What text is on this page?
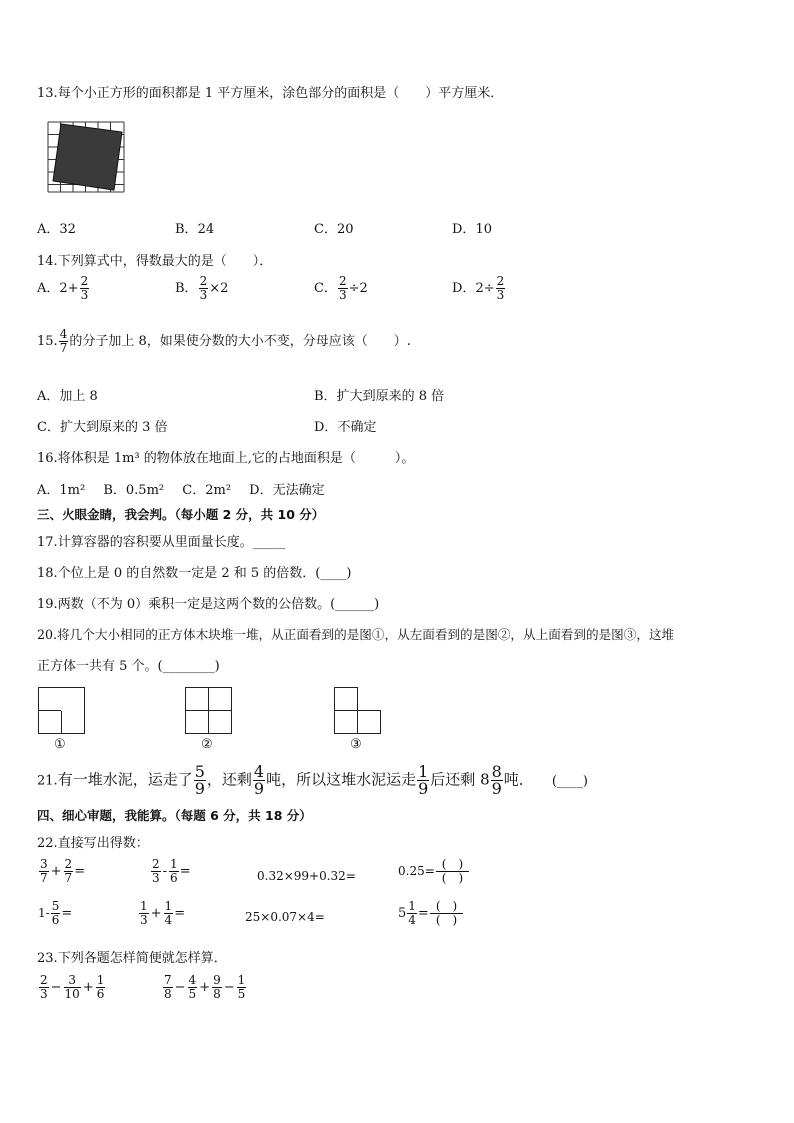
13.每个小正方形的面积都是 1 平方厘米，涂色部分的面积是（　　）平方厘米．
A．32	B．24	C．20	D．10
14.下列算式中，得数最大的是（　　）．
A．$2+ \frac{2}{3}$	B． $\frac{2}{3} \times 2$	C． $\frac{2}{3} \div 2$	D．$2\div \frac{2}{3}$
15. $\frac{4}{7}$ 的分子加上 8，如果使分数的大小不变，分母应该（　　）.
A．加上 8	B．扩大到原来的 8 倍
C．扩大到原来的 3 倍	D．不确定
16.将体积是 1m³ 的物体放在地面上,它的占地面积是（　　　）。
A．1m² B．0.5m² C．2m² D．无法确定
三、火眼金睛，我会判。（每小题 2 分，共 10 分）
17.计算容器的容积要从里面量长度。_____
18.个位上是 0 的自然数一定是 2 和 5 的倍数．(____)
19.两数（不为 0）乘积一定是这两个数的公倍数。(______)
20.将几个大小相同的正方体木块堆一堆，从正面看到的是图①，从左面看到的是图②，从上面看到的是图③，这堆
正方体一共有 5 个。(________)
①	②	③
21.有一堆水泥，运走了 $\frac{5}{9}$ ，还剩 $\frac{4}{9}$ 吨，所以这堆水泥运走 $\frac{1}{9}$ 后还剩 $8 \frac{8}{9}$ 吨． (____)
四、细心审题，我能算。（每题 6 分，共 18 分）
22.直接写出得数：
$\frac{3}{7} + \frac{2}{7}$ =	$\frac{2}{3} - \frac{1}{6}$ =	0.32×99+0.32=	$0.25= \frac{( )}{( )}$
$1- \frac{5}{6}$ =	$\frac{1}{3} + \frac{1}{4}$ =	25×0.07×4=	$5 \frac{1}{4} = \frac{( )}{( )}$
23.下列各题怎样简便就怎样算．
$\frac{2}{3} - \frac{3}{10} + \frac{1}{6}$	$\frac{7}{8} - \frac{4}{5} + \frac{9}{8} - \frac{1}{5}$
